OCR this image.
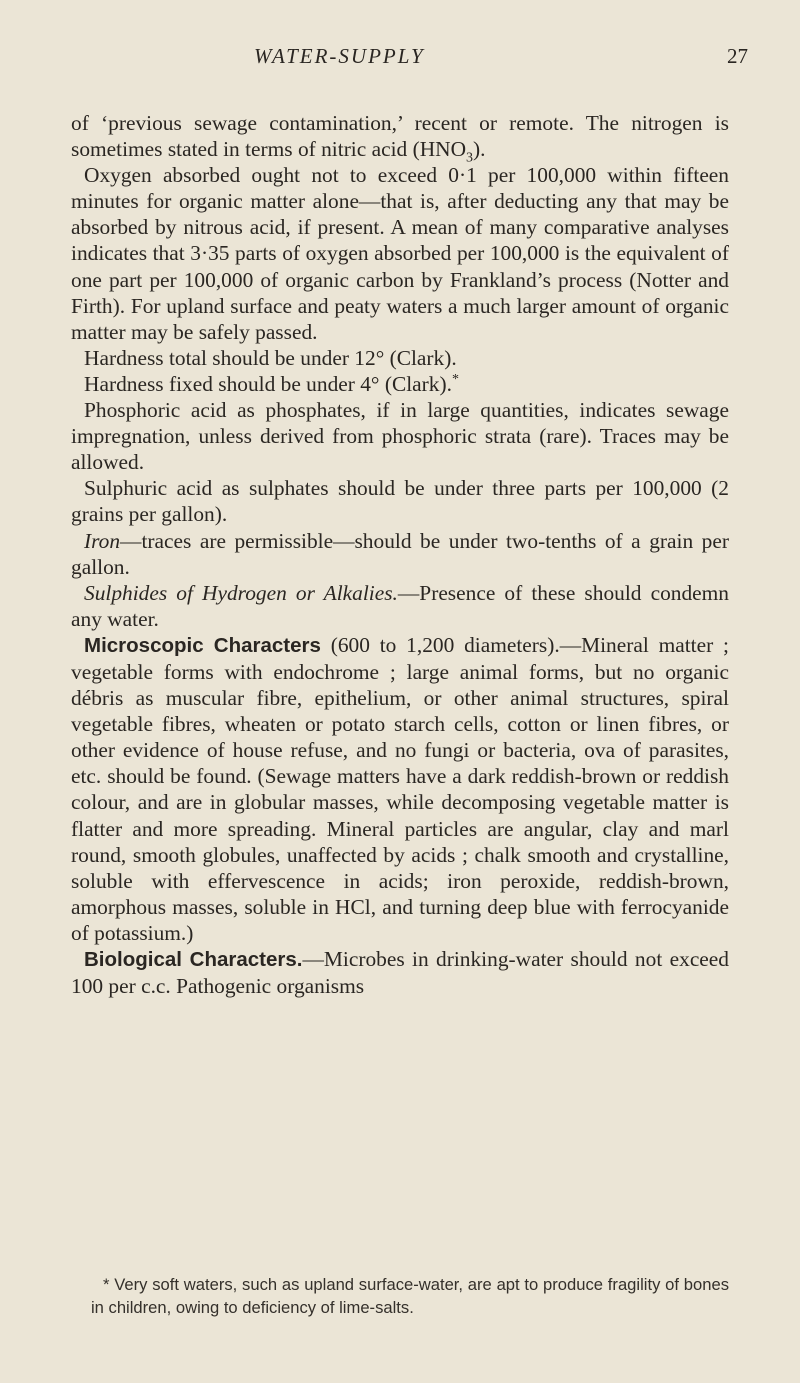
WATER-SUPPLY	27

of ‘previous sewage contamination,’ recent or remote. The nitrogen is sometimes stated in terms of nitric acid $(HNO_3)$.

Oxygen absorbed ought not to exceed 0·1 per 100,000 within fifteen minutes for organic matter alone—that is, after deducting any that may be absorbed by nitrous acid, if present. A mean of many comparative analyses indicates that 3·35 parts of oxygen absorbed per 100,000 is the equivalent of one part per 100,000 of organic carbon by Frankland’s process (Notter and Firth). For upland surface and peaty waters a much larger amount of organic matter may be safely passed.

Hardness total should be under 12° (Clark).

Hardness fixed should be under 4° (Clark).*

Phosphoric acid as phosphates, if in large quantities, indicates sewage impregnation, unless derived from phosphoric strata (rare). Traces may be allowed.

Sulphuric acid as sulphates should be under three parts per 100,000 (2 grains per gallon).

Iron—traces are permissible—should be under two-tenths of a grain per gallon.

Sulphides of Hydrogen or Alkalies.—Presence of these should condemn any water.

Microscopic Characters (600 to 1,200 diameters).—Mineral matter ; vegetable forms with endochrome ; large animal forms, but no organic débris as muscular fibre, epithelium, or other animal structures, spiral vegetable fibres, wheaten or potato starch cells, cotton or linen fibres, or other evidence of house refuse, and no fungi or bacteria, ova of parasites, etc. should be found. (Sewage matters have a dark reddish-brown or reddish colour, and are in globular masses, while decomposing vegetable matter is flatter and more spreading. Mineral particles are angular, clay and marl round, smooth globules, unaffected by acids ; chalk smooth and crystalline, soluble with effervescence in acids; iron peroxide, reddish-brown, amorphous masses, soluble in HCl, and turning deep blue with ferrocyanide of potassium.)

Biological Characters.—Microbes in drinking-water should not exceed 100 per c.c. Pathogenic organisms

* Very soft waters, such as upland surface-water, are apt to produce fragility of bones in children, owing to deficiency of lime-salts.
